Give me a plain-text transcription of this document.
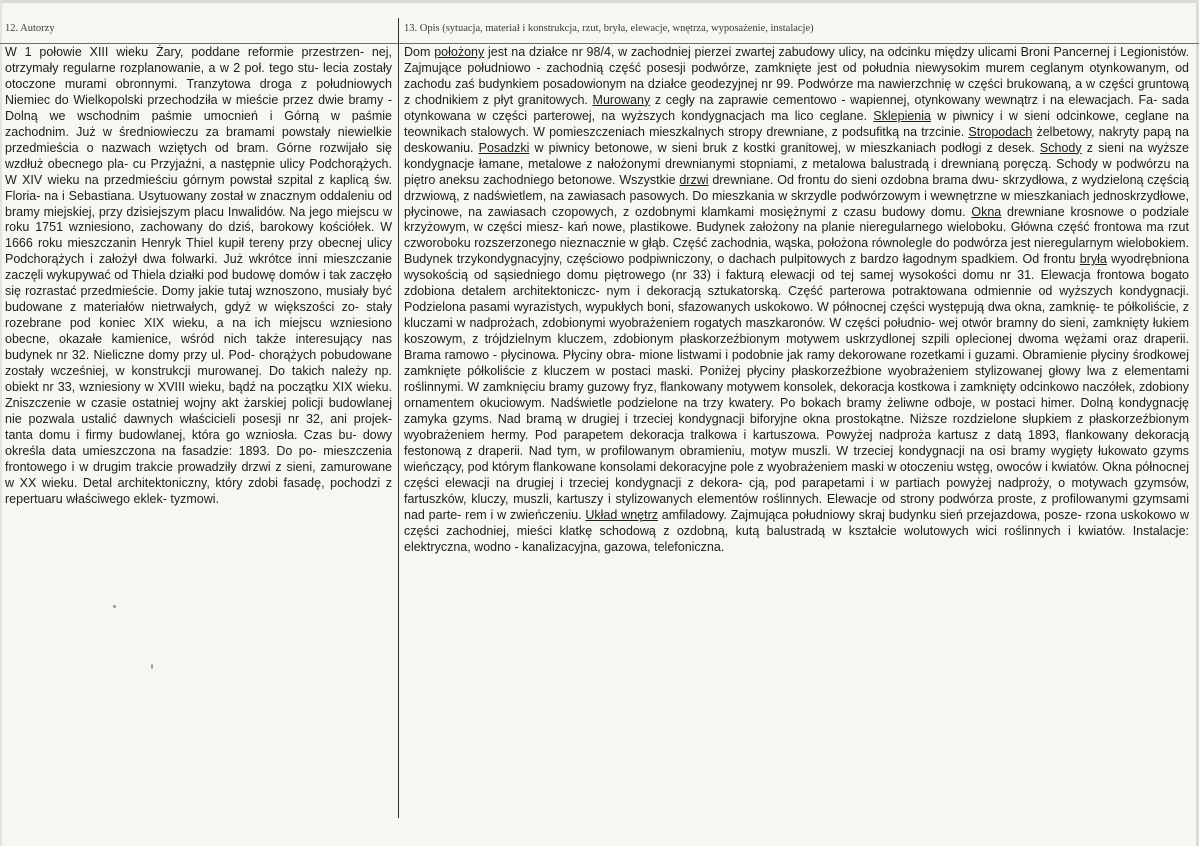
12. Autorzy	13. Opis (sytuacja, materiał i konstrukcja, rzut, bryła, elewacje, wnętrza, wyposażenie, instalacje)
W 1 połowie XIII wieku Żary, poddane reformie przestrzen- nej, otrzymały regularne rozplanowanie, a w 2 poł. tego stu- lecia zostały otoczone murami obronnymi. Tranzytowa droga z południowych Niemiec do Wielkopolski przechodziła w mieście przez dwie bramy - Dolną we wschodnim paśmie umocnień i Górną w paśmie zachodnim. Już w średniowieczu za bramami powstały niewielkie przedmieścia o nazwach wziętych od bram. Górne rozwijało się wzdłuż obecnego pla- cu Przyjaźni, a następnie ulicy Podchorążych. W XIV wieku na przedmieściu górnym powstał szpital z kaplicą św. Floria- na i Sebastiana. Usytuowany został w znacznym oddaleniu od bramy miejskiej, przy dzisiejszym placu Inwalidów. Na jego miejscu w roku 1751 wzniesiono, zachowany do dziś, barokowy kościółek. W 1666 roku mieszczanin Henryk Thiel kupił tereny przy obecnej ulicy Podchorążych i założył dwa folwarki. Już wkrótce inni mieszczanie zaczęli wykupywać od Thiela działki pod budowę domów i tak zaczęło się rozrastać przedmieście. Domy jakie tutaj wznoszono, musiały być budowane z materiałów nietrwałych, gdyż w większości zo- stały rozebrane pod koniec XIX wieku, a na ich miejscu wzniesiono obecne, okazałe kamienice, wśród nich także interesujący nas budynek nr 32. Nieliczne domy przy ul. Pod- chorążych pobudowane zostały wcześniej, w konstrukcji murowanej. Do takich należy np. obiekt nr 33, wzniesiony w XVIII wieku, bądź na początku XIX wieku. Zniszczenie w czasie ostatniej wojny akt żarskiej policji budowlanej nie pozwala ustalić dawnych właścicieli posesji nr 32, ani projek- tanta domu i firmy budowlanej, która go wzniosła. Czas bu- dowy określa data umieszczona na fasadzie: 1893. Do po- mieszczenia frontowego i w drugim trakcie prowadziły drzwi z sieni, zamurowane w XX wieku. Detal architektoniczny, który zdobi fasadę, pochodzi z repertuaru właściwego eklek- tyzmowi.
Dom położony jest na działce nr 98/4, w zachodniej pierzei zwartej zabudowy ulicy, na odcinku między ulicami Broni Pancernej i Legionistów. Zajmujące południowo - zachodnią część posesji podwórze, zamknięte jest od południa niewysokim murem ceglanym otynkowanym, od zachodu zaś budynkiem posadowionym na działce geodezyjnej nr 99. Podwórze ma nawierzchnię w części brukowaną, a w części gruntową z chodnikiem z płyt granitowych. Murowany z cegły na zaprawie cementowo - wapiennej, otynkowany wewnątrz i na elewacjach. Fa- sada otynkowana w części parterowej, na wyższych kondygnacjach ma lico ceglane. Sklepienia w piwnicy i w sieni odcinkowe, ceglane na teownikach stalowych. W pomieszczeniach mieszkalnych stropy drewniane, z podsufitką na trzcinie. Stropodach żelbetowy, nakryty papą na deskowaniu. Posadzki w piwnicy betonowe, w sieni bruk z kostki granitowej, w mieszkaniach podłogi z desek. Schody z sieni na wyższe kondygnacje łamane, metalowe z nałożonymi drewnianymi stopniami, z metalowa balustradą i drewnianą poręczą. Schody w podwórzu na piętro aneksu zachodniego betonowe. Wszystkie drzwi drewniane. Od frontu do sieni ozdobna brama dwu- skrzydłowa, z wydzieloną częścią drzwiową, z nadświetlem, na zawiasach pasowych. Do mieszkania w skrzydle podwórzowym i wewnętrzne w mieszkaniach jednoskrzydłowe, płycinowe, na zawiasach czopowych, z ozdobnymi klamkami mosiężnymi z czasu budowy domu. Okna drewniane krosnowe o podziale krzyżowym, w części miesz- kań nowe, plastikowe. Budynek założony na planie nieregularnego wieloboku. Główna część frontowa ma rzut czworoboku rozszerzonego nieznacznie w głąb. Część zachodnia, wąska, położona równolegle do podwórza jest nieregularnym wielobokiem. Budynek trzykondygnacyjny, częściowo podpiwniczony, o dachach pulpitowych z bardzo łagodnym spadkiem. Od frontu bryła wyodrębniona wysokością od sąsiedniego domu piętrowego (nr 33) i fakturą elewacji od tej samej wysokości domu nr 31. Elewacja frontowa bogato zdobiona detalem architektoniczc- nym i dekoracją sztukatorską. Część parterowa potraktowana odmiennie od wyższych kondygnacji. Podzielona pasami wyrazistych, wypukłych boni, sfazowanych uskokowo. W północnej części występują dwa okna, zamknię- te półkoliście, z kluczami w nadprożach, zdobionymi wyobrażeniem rogatych maszkaronów. W części południo- wej otwór bramny do sieni, zamknięty łukiem koszowym, z trójdzielnym kluczem, zdobionym płaskorzeźbionym motywem uskrzydlonej szpili oplecionej dwoma wężami oraz draperii. Brama ramowo - płycinowa. Płyciny obra- mione listwami i podobnie jak ramy dekorowane rozetkami i guzami. Obramienie płyciny środkowej zamknięte półkoliście z kluczem w postaci maski. Poniżej płyciny płaskorzeźbione wyobrażeniem stylizowanej głowy lwa z elementami roślinnymi. W zamknięciu bramy guzowy fryz, flankowany motywem konsolek, dekoracja kostkowa i zamknięty odcinkowo naczółek, zdobiony ornamentem okuciowym. Nadświetle podzielone na trzy kwatery. Po bokach bramy żeliwne odboje, w postaci himer. Dolną kondygnację zamyka gzyms. Nad bramą w drugiej i trzeciej kondygnacji biforyjne okna prostokątne. Niższe rozdzielone słupkiem z płaskorzeźbionym wyobrażeniem hermy. Pod parapetem dekoracja tralkowa i kartuszowa. Powyżej nadproża kartusz z datą 1893, flankowany dekoracją festonową z draperii. Nad tym, w profilowanym obramieniu, motyw muszli. W trzeciej kondygnacji na osi bramy wygięty łukowato gzyms wieńczący, pod którym flankowane konsolami dekoracyjne pole z wyobrażeniem maski w otoczeniu wstęg, owoców i kwiatów. Okna północnej części elewacji na drugiej i trzeciej kondygnacji z dekora- cją, pod parapetami i w partiach powyżej nadproży, o motywach gzymsów, fartuszków, kluczy, muszli, kartuszy i stylizowanych elementów roślinnych. Elewacje od strony podwórza proste, z profilowanymi gzymsami nad parte- rem i w zwieńczeniu. Układ wnętrz amfiladowy. Zajmująca południowy skraj budynku sień przejazdowa, posze- rzona uskokowo w części zachodniej, mieści klatkę schodową z ozdobną, kutą balustradą w kształcie wolutowych wici roślinnych i kwiatów. Instalacje: elektryczna, wodno - kanalizacyjna, gazowa, telefoniczna.
